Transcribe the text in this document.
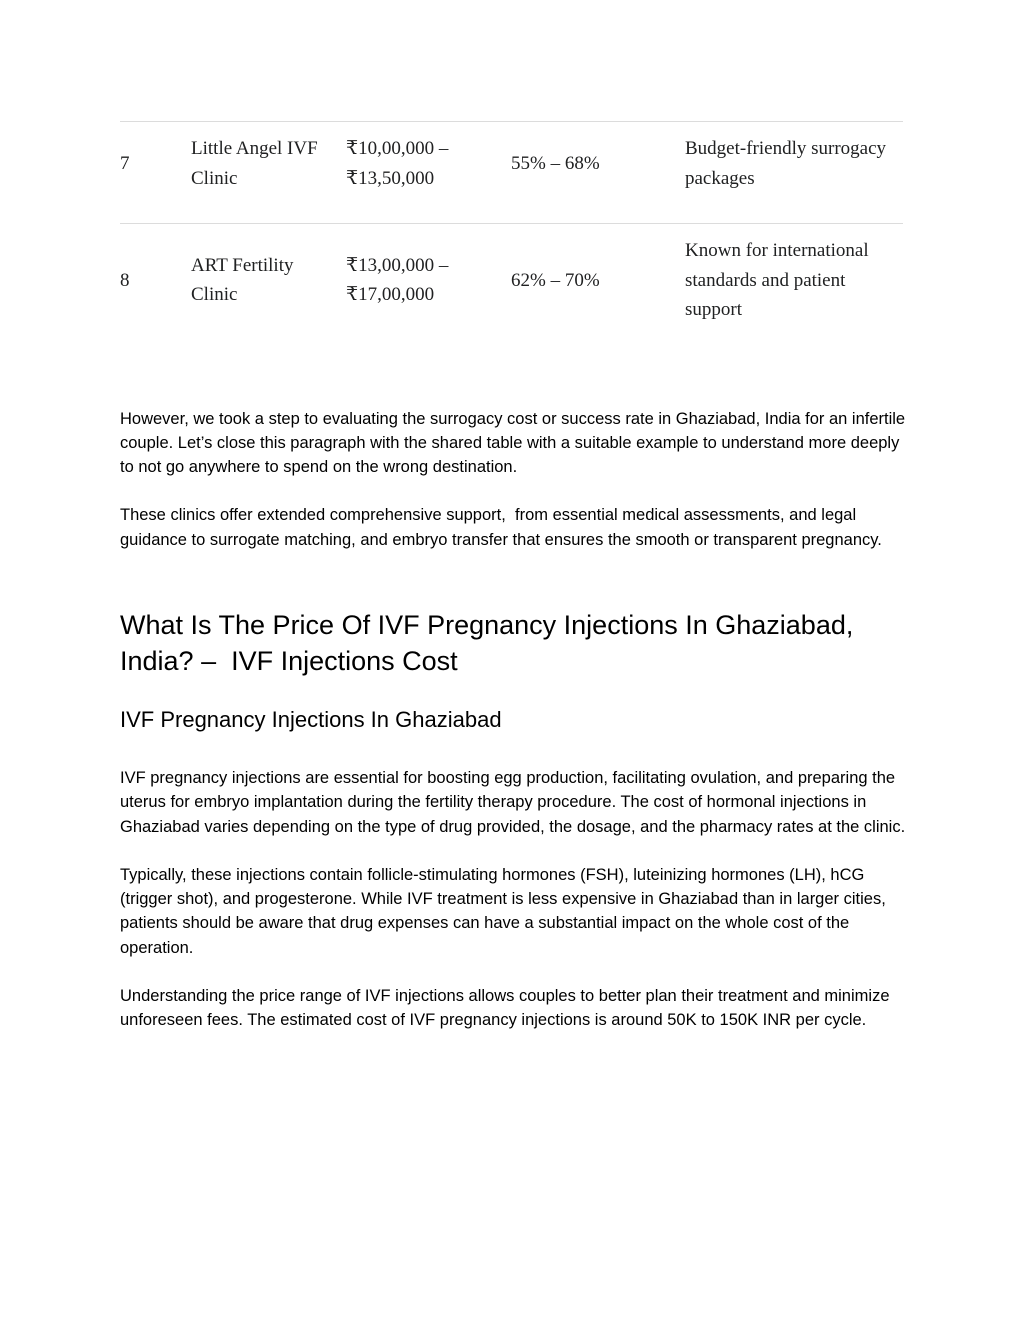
7	Little Angel IVF Clinic	₹10,00,000 – ₹13,50,000	55% – 68%	Budget-friendly surrogacy packages
8	ART Fertility Clinic	₹13,00,000 – ₹17,00,000	62% – 70%	Known for international standards and patient support

However, we took a step to evaluating the surrogacy cost or success rate in Ghaziabad, India for an infertile couple. Let’s close this paragraph with the shared table with a suitable example to understand more deeply to not go anywhere to spend on the wrong destination.

These clinics offer extended comprehensive support,  from essential medical assessments, and legal guidance to surrogate matching, and embryo transfer that ensures the smooth or transparent pregnancy.

What Is The Price Of IVF Pregnancy Injections In Ghaziabad, India? –  IVF Injections Cost
IVF Pregnancy Injections In Ghaziabad

IVF pregnancy injections are essential for boosting egg production, facilitating ovulation, and preparing the uterus for embryo implantation during the fertility therapy procedure. The cost of hormonal injections in Ghaziabad varies depending on the type of drug provided, the dosage, and the pharmacy rates at the clinic.

Typically, these injections contain follicle-stimulating hormones (FSH), luteinizing hormones (LH), hCG (trigger shot), and progesterone. While IVF treatment is less expensive in Ghaziabad than in larger cities, patients should be aware that drug expenses can have a substantial impact on the whole cost of the operation.

Understanding the price range of IVF injections allows couples to better plan their treatment and minimize unforeseen fees. The estimated cost of IVF pregnancy injections is around 50K to 150K INR per cycle.
